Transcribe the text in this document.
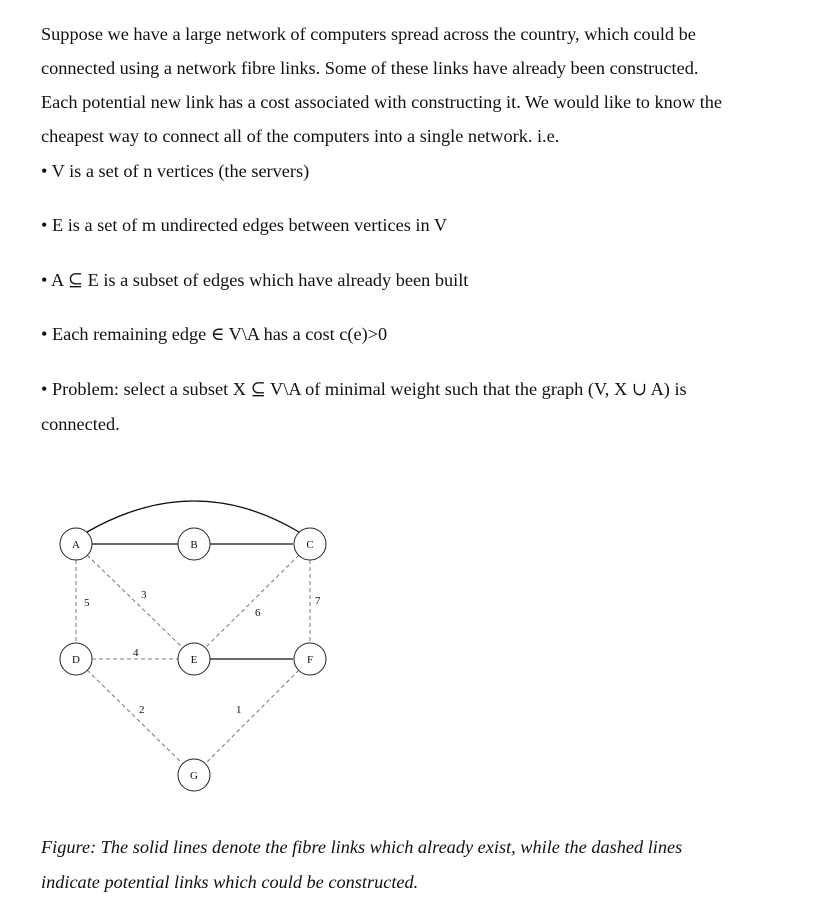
Suppose we have a large network of computers spread across the country, which could be

connected using a network fibre links. Some of these links have already been constructed.

Each potential new link has a cost associated with constructing it. We would like to know the

cheapest way to connect all of the computers into a single network. i.e.

• V is a set of n vertices (the servers)
• E is a set of m undirected edges between vertices in V
• A ⊆ E is a subset of edges which have already been built
• Each remaining edge ∈ V\A has a cost c(e)>0
• Problem: select a subset X ⊆ V\A of minimal weight such that the graph (V, X ∪ A) is
connected.
5
3
4
6
7
2	1
A	B	C
D	E	F
G
Figure: The solid lines denote the fibre links which already exist, while the dashed lines
indicate potential links which could be constructed.
